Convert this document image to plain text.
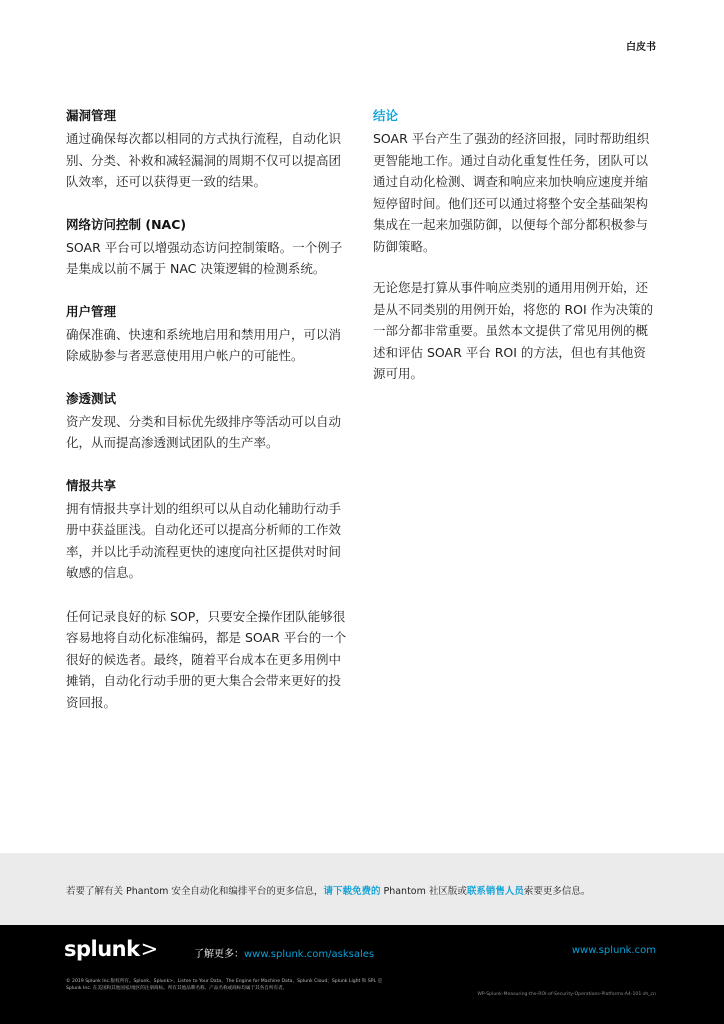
白皮书
漏洞管理

通过确保每次都以相同的方式执行流程，自动化识别、分类、补救和减轻漏洞的周期不仅可以提高团队效率，还可以获得更一致的结果。

网络访问控制 (NAC)

SOAR 平台可以增强动态访问控制策略。一个例子是集成以前不属于 NAC 决策逻辑的检测系统。

用户管理

确保准确、快速和系统地启用和禁用用户，可以消除威胁参与者恶意使用用户帐户的可能性。

渗透测试

资产发现、分类和目标优先级排序等活动可以自动化，从而提高渗透测试团队的生产率。

情报共享

拥有情报共享计划的组织可以从自动化辅助行动手册中获益匪浅。自动化还可以提高分析师的工作效率，并以比手动流程更快的速度向社区提供对时间敏感的信息。

任何记录良好的标 SOP，只要安全操作团队能够很容易地将自动化标准编码，都是 SOAR 平台的一个很好的候选者。最终，随着平台成本在更多用例中摊销，自动化行动手册的更大集合会带来更好的投资回报。

结论

SOAR 平台产生了强劲的经济回报，同时帮助组织更智能地工作。通过自动化重复性任务，团队可以通过自动化检测、调查和响应来加快响应速度并缩短停留时间。他们还可以通过将整个安全基础架构集成在一起来加强防御，以便每个部分都积极参与防御策略。

无论您是打算从事件响应类别的通用用例开始，还是从不同类别的用例开始，将您的 ROI 作为决策的一部分都非常重要。虽然本文提供了常见用例的概述和评估 SOAR 平台 ROI 的方法，但也有其他资源可用。

若要了解有关 Phantom 安全自动化和编排平台的更多信息，请下载免费的 Phantom 社区版或联系销售人员索要更多信息。
splunk>	了解更多：www.splunk.com/asksales	www.splunk.com
© 2019 Splunk Inc.版权所有。Splunk、Splunk>、Listen to Your Data、The Engine for Machine Data、Splunk Cloud、Splunk Light 和 SPL 是
Splunk Inc. 在美国和其他国家/地区的注册商标。所有其他品牌名称、产品名称或商标均属于其各自所有者。
WP-Splunk-Measuring-the-ROI-of-Security-Operations-Platforms-A4-101-zh_cn
